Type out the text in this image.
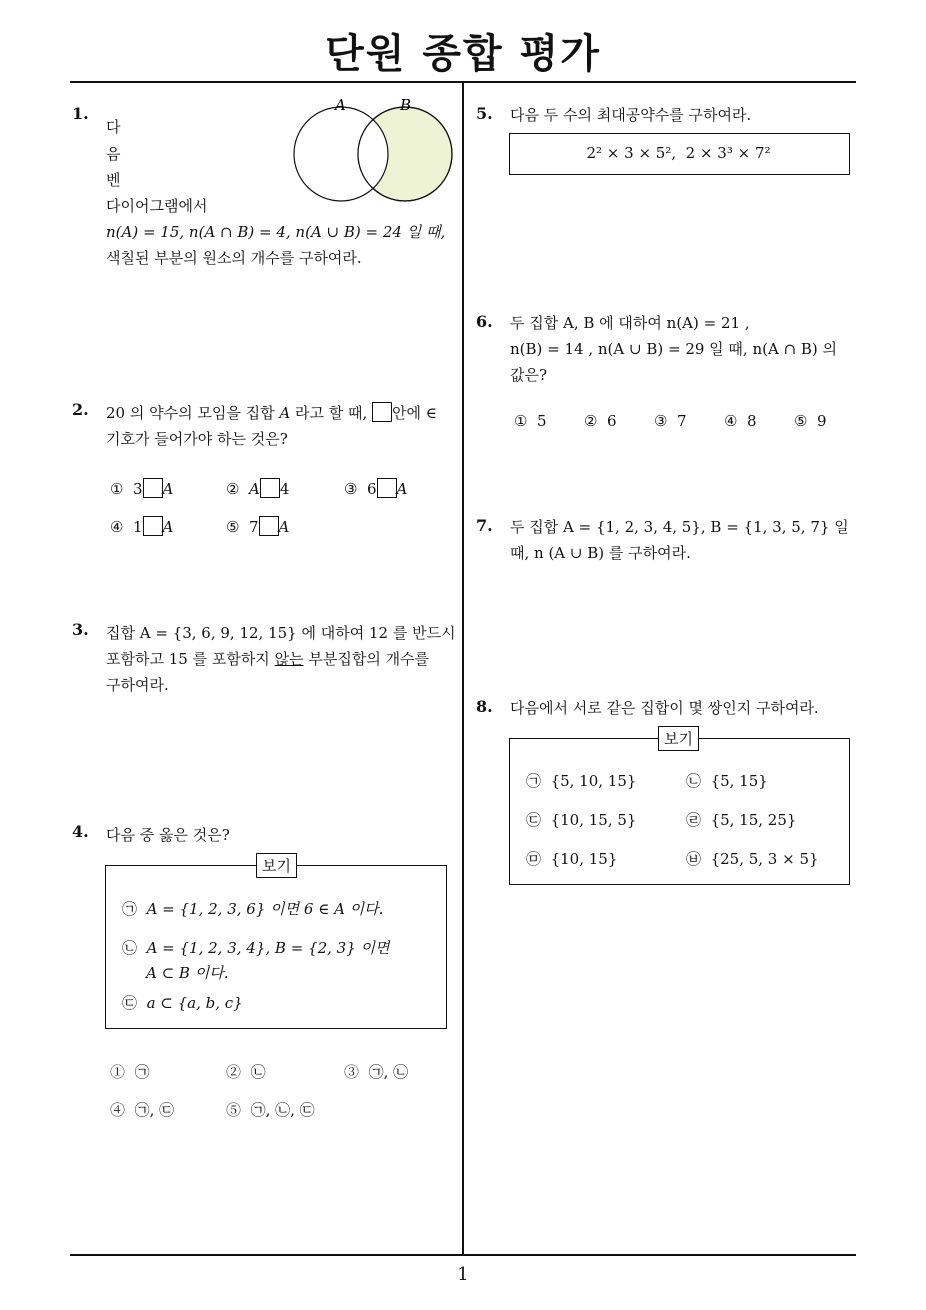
단원 종합 평가
1
1.
다
음
벤
다이어그램에서
n(A) = 15, n(A ∩ B) = 4, n(A ∪ B) = 24 일 때,
색칠된 부분의 원소의 개수를 구하여라.
A	B
2. 20 의 약수의 모임을 집합 A 라고 할 때, 안에 ∈
기호가 들어가야 하는 것은?
① 3 A	② A 4	③ 6 A
④ 1 A	⑤ 7 A
3. 집합 A = {3, 6, 9, 12, 15} 에 대하여 12 를 반드시
포함하고 15 를 포함하지 않는 부분집합의 개수를
구하여라.
4. 다음 중 옳은 것은?
보기
㉠ A = {1, 2, 3, 6} 이면 6 ∈ A 이다.
㉡ A = {1, 2, 3, 4}, B = {2, 3} 이면
A ⊂ B 이다.
㉢ a ⊂ {a, b, c}
① ㉠	② ㉡	③ ㉠, ㉡
④ ㉠, ㉢	⑤ ㉠, ㉡, ㉢
5. 다음 두 수의 최대공약수를 구하여라.
2² × 3 × 5²,  2 × 3³ × 7²
6. 두 집합 A, B 에 대하여 n(A) = 21 ,
n(B) = 14 , n(A ∪ B) = 29 일 때, n(A ∩ B) 의
값은?
① 5 ② 6 ③ 7 ④ 8 ⑤ 9
7. 두 집합 A = {1, 2, 3, 4, 5}, B = {1, 3, 5, 7} 일
때, n (A ∪ B) 를 구하여라.
8. 다음에서 서로 같은 집합이 몇 쌍인지 구하여라.
보기
㉠ {5, 10, 15}	㉡ {5, 15}
㉢ {10, 15, 5}	㉣ {5, 15, 25}
㉤ {10, 15}	㉥ {25, 5, 3 × 5}
